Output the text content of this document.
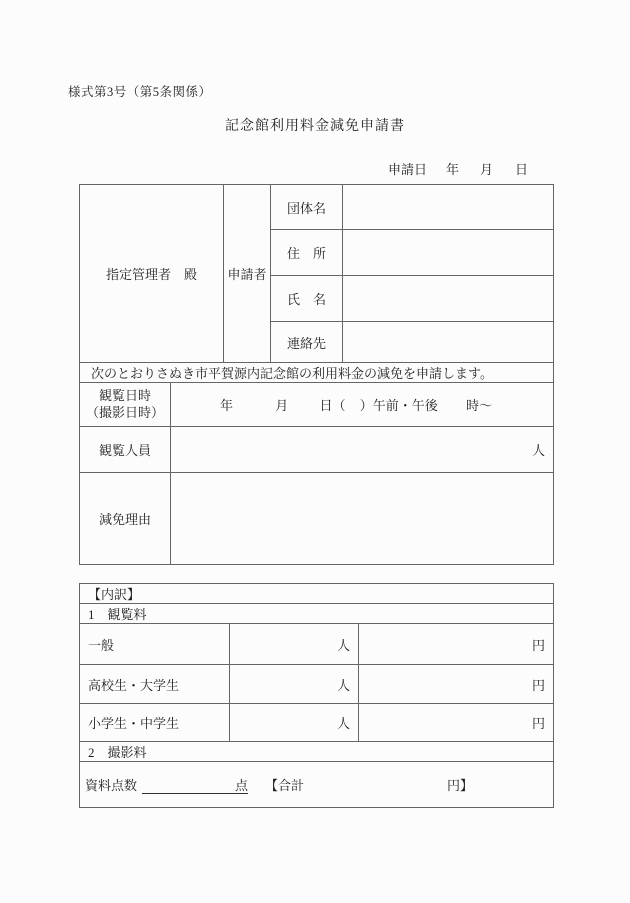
様式第3号（第5条関係）
記念館利用料金減免申請書
申請日 年 月 日
指定管理者　殿		申請者	団体名	
			住　所	
			氏　名	
			連絡先	
次のとおりさぬき市平賀源内記念館の利用料金の減免を申請します。				
観覧日時
（撮影日時）	年 月 日（ ）午前・午後 時～			
観覧人員	人			
減免理由				
【内訳】		
1　観覧料		
一般	人	円
高校生・大学生	人	円
小学生・中学生	人	円
2　撮影料		
資料点数 点 【合計 円】		
